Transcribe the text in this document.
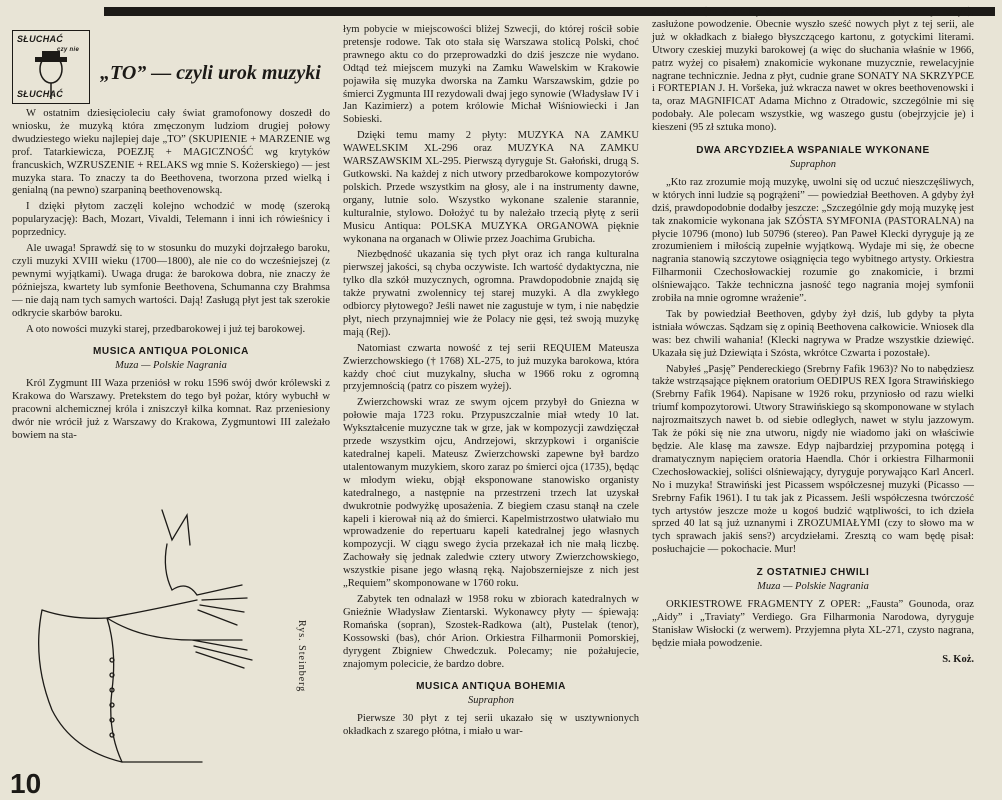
SŁUCHAĆ
czy nie
SŁUCHAĆ
„TO” — czyli urok muzyki

W ostatnim dziesięcioleciu cały świat gramofonowy doszedł do wniosku, że muzyką która zmęczonym ludziom drugiej połowy dwudziestego wieku najlepiej daje „TO” (SKUPIENIE + MARZENIE wg prof. Tatarkiewicza, POEZJĘ + MAGICZNOŚĆ wg krytyków francuskich, WZRUSZENIE + RELAKS wg mnie S. Kożerskiego) — jest muzyka stara. To znaczy ta do Beethovena, tworzona przed wielką i genialną (na pewno) szarpaniną beethovenowską.

I dzięki płytom zaczęli kolejno wchodzić w modę (szeroką popularyzację): Bach, Mozart, Vivaldi, Telemann i inni ich rówieśnicy i poprzednicy.

Ale uwaga! Sprawdź się to w stosunku do muzyki dojrzałego baroku, czyli muzyki XVIII wieku (1700—1800), ale nie co do wcześniejszej (z pewnymi wyjątkami). Uwaga druga: że barokowa dobra, nie znaczy że późniejsza, kwartety lub symfonie Beethovena, Schumanna czy Brahmsa — nie dają nam tych samych wartości. Dają! Zasługą płyt jest tak szerokie odkrycie skarbów baroku.

A oto nowości muzyki starej, przedbarokowej i już tej barokowej.

MUSICA ANTIQUA POLONICA
Muza — Polskie Nagrania

Król Zygmunt III Waza przeniósł w roku 1596 swój dwór królewski z Krakowa do Warszawy. Pretekstem do tego był pożar, który wybuchł w pracowni alchemicznej króla i zniszczył kilka komnat. Raz przeniesiony dwór nie wrócił już z Warszawy do Krakowa, Zygmuntowi III zależało bowiem na sta-

Rys. Steinberg
10

łym pobycie w miejscowości bliżej Szwecji, do której rościł sobie pretensje rodowe. Tak oto stała się Warszawa stolicą Polski, choć prawnego aktu co do przeprowadzki do dziś jeszcze nie wydano. Odtąd też miejscem muzyki na Zamku Wawelskim w Krakowie pojawiła się muzyka dworska na Zamku Warszawskim, gdzie po śmierci Zygmunta III rezydowali dwaj jego synowie (Władysław IV i Jan Kazimierz) a potem królowie Michał Wiśniowiecki i Jan Sobieski.

Dzięki temu mamy 2 płyty: MUZYKA NA ZAMKU WAWELSKIM XL-296 oraz MUZYKA NA ZAMKU WARSZAWSKIM XL-295. Pierwszą dyryguje St. Gałoński, drugą S. Gutkowski. Na każdej z nich utwory przedbarokowe kompozytorów polskich. Przede wszystkim na głosy, ale i na instrumenty dawne, organy, lutnie solo. Wszystko wykonane szalenie starannie, kulturalnie, stylowo. Dołożyć tu by należało trzecią płytę z serii Musicu Antiqua: POLSKA MUZYKA ORGANOWA pięknie wykonana na organach w Oliwie przez Joachima Grubicha.

Niezbędność ukazania się tych płyt oraz ich ranga kulturalna pierwszej jakości, są chyba oczywiste. Ich wartość dydaktyczna, nie tylko dla szkół muzycznych, ogromna. Prawdopodobnie znajdą się także prywatni zwolennicy tej starej muzyki. A dla zwykłego odbiorcy płytowego? Jeśli nawet nie zagustuje w tym, i nie nabędzie płyt, niech przynajmniej wie że Polacy nie gęsi, też swoją muzykę mają (Rej).

Natomiast czwarta nowość z tej serii REQUIEM Mateusza Zwierzchowskiego († 1768) XL-275, to już muzyka barokowa, która każdy choć ciut muzykalny, słucha w 1966 roku z ogromną przyjemnością (patrz co piszem wyżej).

Zwierzchowski wraz ze swym ojcem przybył do Gniezna w połowie maja 1723 roku. Przypuszczalnie miał wtedy 10 lat. Wykształcenie muzyczne tak w grze, jak w kompozycji zawdzięczał przede wszystkim ojcu, Andrzejowi, skrzypkowi i organiście katedralnej kapeli. Mateusz Zwierzchowski zapewne był bardzo utalentowanym muzykiem, skoro zaraz po śmierci ojca (1735), będąc w młodym wieku, objął eksponowane stanowisko organisty katedralnego, a następnie na przestrzeni trzech lat uzyskał dwukrotnie podwyżkę uposażenia. Z biegiem czasu stanął na czele kapeli i kierował nią aż do śmierci. Kapelmistrzostwo ułatwiało mu wprowadzenie do repertuaru kapeli katedralnej jego własnych kompozycji. W ciągu swego życia przekazał ich nie małą liczbę. Zachowały się jednak zaledwie cztery utwory Zwierzchowskiego, wszystkie pisane jego własną ręką. Najobszerniejsze z nich jest „Requiem” skomponowane w 1760 roku.

Zabytek ten odnalazł w 1958 roku w zbiorach katedralnych w Gnieźnie Władysław Zientarski. Wykonawcy płyty — śpiewają: Romańska (sopran), Szostek-Radkowa (alt), Pustelak (tenor), Kossowski (bas), chór Arion. Orkiestra Filharmonii Pomorskiej, dyrygent Zbigniew Chwedczuk. Polecamy; nie pożałujecie, znajomym polecicie, że bardzo dobre.

MUSICA ANTIQUA BOHEMIA
Supraphon

Pierwsze 30 płyt z tej serii ukazało się w usztywnionych okładkach z szarego płótna, i miało u war-

szawiaków (bo w stolicy w Ośrodku Czechosłowackim można je nabyć), zasłużone powodzenie. Obecnie wyszło sześć nowych płyt z tej serii, ale już w okładkach z białego błyszczącego kartonu, z gotyckimi literami. Utwory czeskiej muzyki barokowej (a więc do słuchania właśnie w 1966, patrz wyżej co pisałem) znakomicie wykonane muzycznie, rewelacyjnie nagrane technicznie. Jedna z płyt, cudnie grane SONATY NA SKRZYPCE i FORTEPIAN J. H. Voršeka, już wkracza nawet w okres beethovenowski i ta, oraz MAGNIFICAT Adama Michno z Otradowic, szczególnie mi się podobały. Ale polecam wszystkie, wg waszego gustu (obejrzyjcie je) i kieszeni (95 zł sztuka mono).

DWA ARCYDZIEŁA WSPANIALE WYKONANE
Supraphon

„Kto raz zrozumie moją muzykę, uwolni się od uczuć nieszczęśliwych, w których inni ludzie są pogrążeni” — powiedział Beethoven. A gdyby żył dziś, prawdopodobnie dodałby jeszcze: „Szczególnie gdy moją muzykę jest tak znakomicie wykonana jak SZÓSTA SYMFONIA (PASTORALNA) na płycie 10796 (mono) lub 50796 (stereo). Pan Paweł Klecki dyryguje ją ze zrozumieniem i miłością zupełnie wyjątkową. Wydaje mi się, że obecne nagrania stanowią szczytowe osiągnięcia tego wybitnego artysty. Orkiestra Filharmonii Czechosłowackiej rozumie go znakomicie, i brzmi olśniewająco. Także techniczna jasność tego nagrania mojej symfonii zrobiła na mnie ogromne wrażenie”.

Tak by powiedział Beethoven, gdyby żył dziś, lub gdyby ta płyta istniała wówczas. Sądzam się z opinią Beethovena całkowicie. Wniosek dla was: bez chwili wahania! (Klecki nagrywa w Pradze wszystkie dziewięć. Ukazała się już Dziewiąta i Szósta, wkrótce Czwarta i pozostałe).

Nabyłeś „Pasję” Pendereckiego (Srebrny Fafik 1963)? No to nabędziesz także wstrząsające pięknem oratorium OEDIPUS REX Igora Strawińskiego (Srebrny Fafik 1964). Napisane w 1926 roku, przyniosło od razu wielki triumf kompozytorowi. Utwory Strawińskiego są skomponowane w stylach najrozmaitszych nawet b. od siebie odległych, nawet w stylu jazzowym. Tak że póki się nie zna utworu, nigdy nie wiadomo jaki on właściwie będzie. Ale klasę ma zawsze. Edyp najbardziej przypomina potęgą i dramatycznym napięciem oratoria Haendla. Chór i orkiestra Filharmonii Czechosłowackiej, soliści olśniewający, dyryguje porywająco Karl Ancerl. No i muzyka! Strawiński jest Picassem współczesnej muzyki (Picasso — Srebrny Fafik 1961). I tu tak jak z Picassem. Jeśli współczesna twórczość tych artystów jeszcze może u kogoś budzić wątpliwości, to ich dzieła sprzed 40 lat są już uznanymi i ZROZUMIAŁYMI (czy to słowo ma w tych sprawach jakiś sens?) arcydziełami. Zresztą co wam będę pisał: posłuchajcie — pokochacie. Mur!

Z OSTATNIEJ CHWILI
Muza — Polskie Nagrania

ORKIESTROWE FRAGMENTY Z OPER: „Fausta” Gounoda, oraz „Aidy” i „Traviaty” Verdiego. Gra Filharmonia Narodowa, dyryguje Stanisław Wisłocki (z werwem). Przyjemna płyta XL-271, czysto nagrana, będzie miała powodzenie.

S. Koż.
